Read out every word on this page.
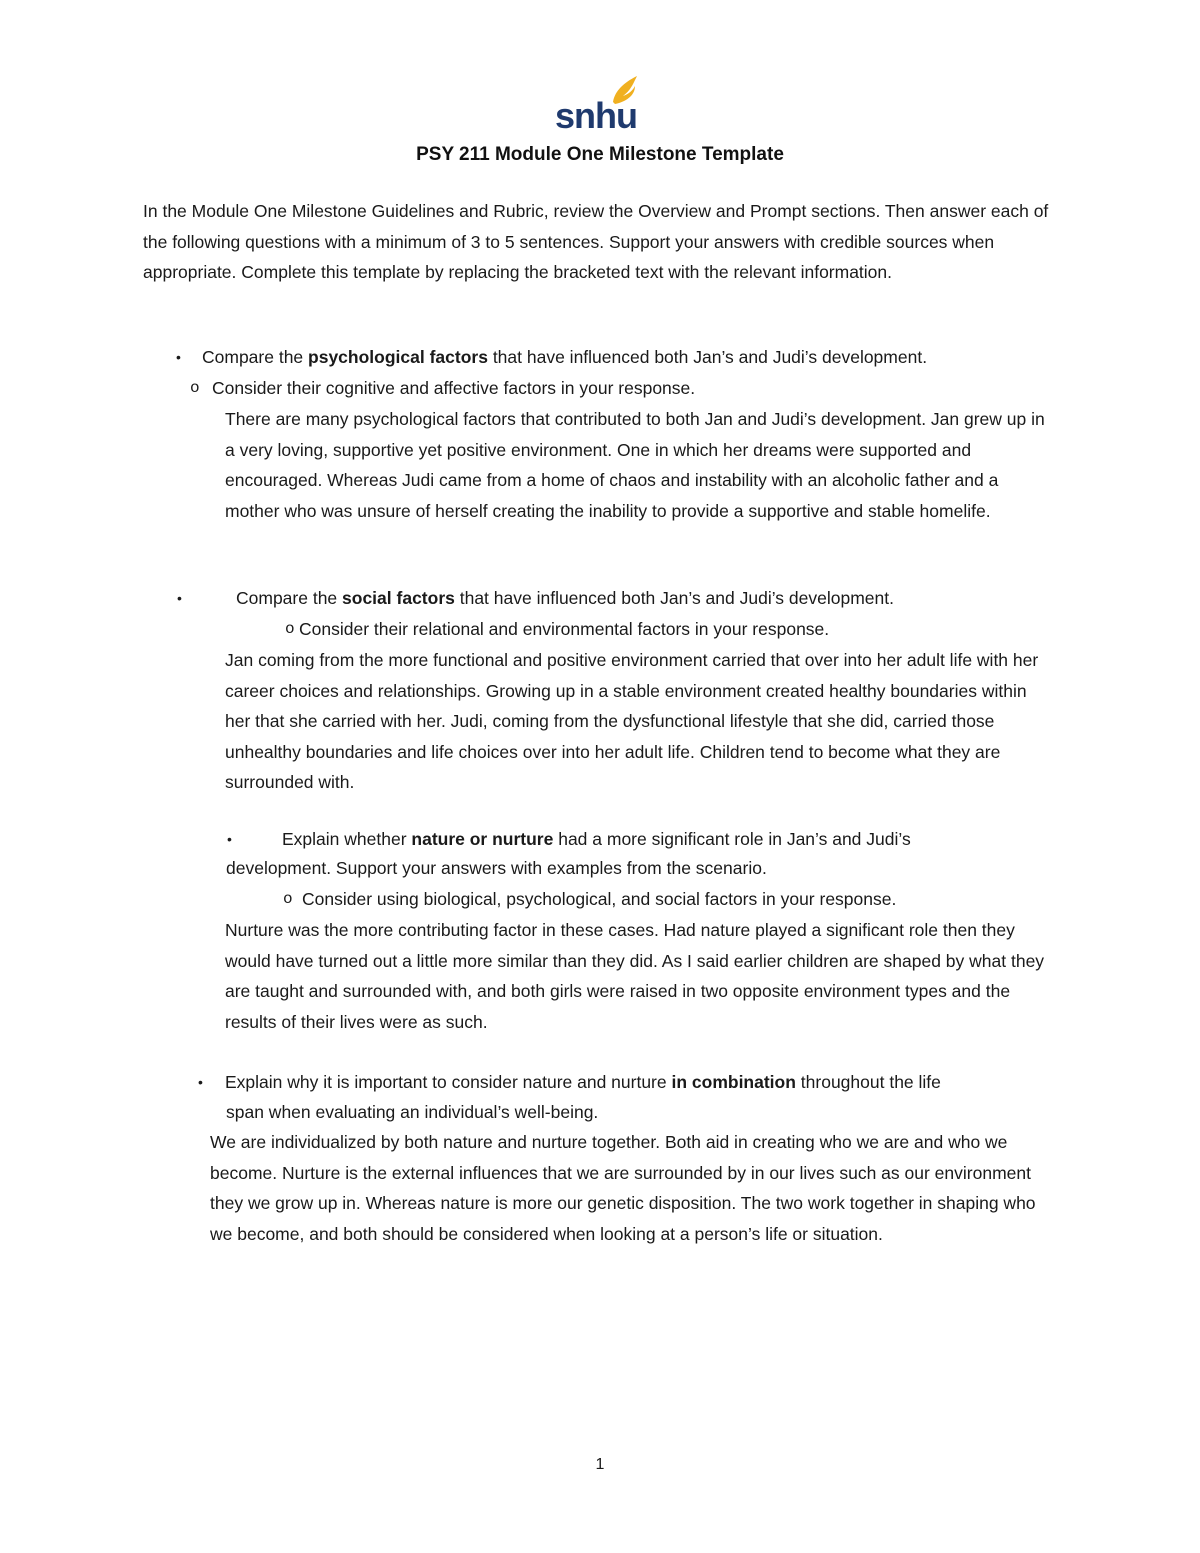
snhu
PSY 211 Module One Milestone Template
In the Module One Milestone Guidelines and Rubric, review the Overview and Prompt sections. Then answer each of the following questions with a minimum of 3 to 5 sentences. Support your answers with credible sources when appropriate. Complete this template by replacing the bracketed text with the relevant information.
• Compare the psychological factors that have influenced both Jan’s and Judi’s development.
o Consider their cognitive and affective factors in your response.
There are many psychological factors that contributed to both Jan and Judi’s development. Jan grew up in a very loving, supportive yet positive environment. One in which her dreams were supported and encouraged. Whereas Judi came from a home of chaos and instability with an alcoholic father and a mother who was unsure of herself creating the inability to provide a supportive and stable homelife.
•	Compare the social factors that have influenced both Jan’s and Judi’s development.
o Consider their relational and environmental factors in your response.
Jan coming from the more functional and positive environment carried that over into her adult life with her career choices and relationships. Growing up in a stable environment created healthy boundaries within her that she carried with her. Judi, coming from the dysfunctional lifestyle that she did, carried those unhealthy boundaries and life choices over into her adult life. Children tend to become what they are surrounded with.
•	Explain whether nature or nurture had a more significant role in Jan’s and Judi’s
development. Support your answers with examples from the scenario.
o Consider using biological, psychological, and social factors in your response.
Nurture was the more contributing factor in these cases. Had nature played a significant role then they would have turned out a little more similar than they did. As I said earlier children are shaped by what they are taught and surrounded with, and both girls were raised in two opposite environment types and the results of their lives were as such.
• Explain why it is important to consider nature and nurture in combination throughout the life
span when evaluating an individual’s well-being.
We are individualized by both nature and nurture together. Both aid in creating who we are and who we become. Nurture is the external influences that we are surrounded by in our lives such as our environment they we grow up in. Whereas nature is more our genetic disposition. The two work together in shaping who we become, and both should be considered when looking at a person’s life or situation.
1
